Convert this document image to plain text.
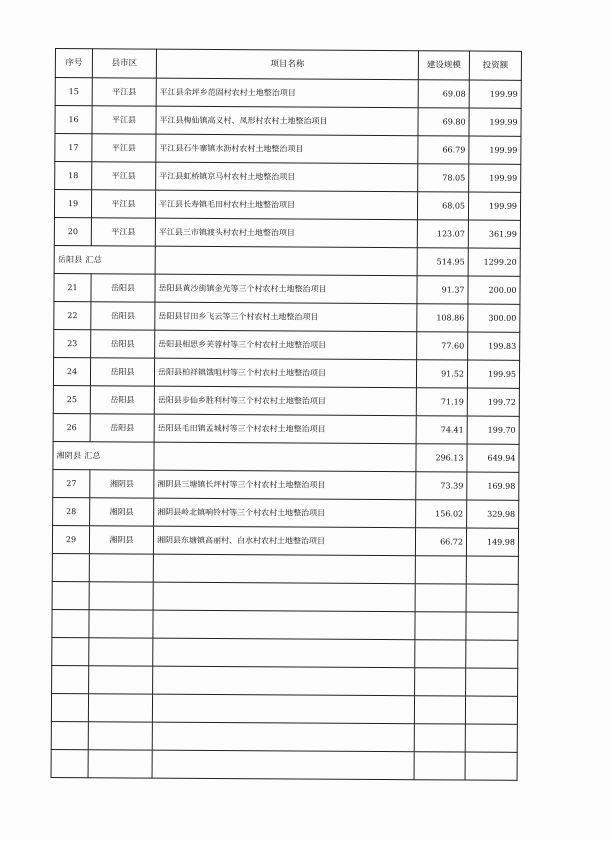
序号	县市区	项目名称	建设规模	投资额
15	平江县	平江县余坪乡范固村农村土地整治项目	69.08	199.99
16	平江县	平江县梅仙镇高义村、凤形村农村土地整治项目	69.80	199.99
17	平江县	平江县石牛寨镇水沥村农村土地整治项目	66.79	199.99
18	平江县	平江县虹桥镇京马村农村土地整治项目	78.05	199.99
19	平江县	平江县长寿镇毛田村农村土地整治项目	68.05	199.99
20	平江县	平江县三市镇渡头村农村土地整治项目	123.07	361.99
岳阳县 汇总			514.95	1299.20
21	岳阳县	岳阳县黄沙街镇金光等三个村农村土地整治项目	91.37	200.00
22	岳阳县	岳阳县甘田乡飞云等三个村农村土地整治项目	108.86	300.00
23	岳阳县	岳阳县相思乡芙蓉村等三个村农村土地整治项目	77.60	199.83
24	岳阳县	岳阳县柏祥镇饿咀村等三个村农村土地整治项目	91.52	199.95
25	岳阳县	岳阳县步仙乡胜利村等三个村农村土地整治项目	71.19	199.72
26	岳阳县	岳阳县毛田镇孟城村等三个村农村土地整治项目	74.41	199.70
湘阴县 汇总			296.13	649.94
27	湘阴县	湘阴县三塘镇长坪村等三个村农村土地整治项目	73.39	169.98
28	湘阴县	湘阴县岭北镇响铃村等三个村农村土地整治项目	156.02	329.98
29	湘阴县	湘阴县东塘镇高丽村、白水村农村土地整治项目	66.72	149.98
